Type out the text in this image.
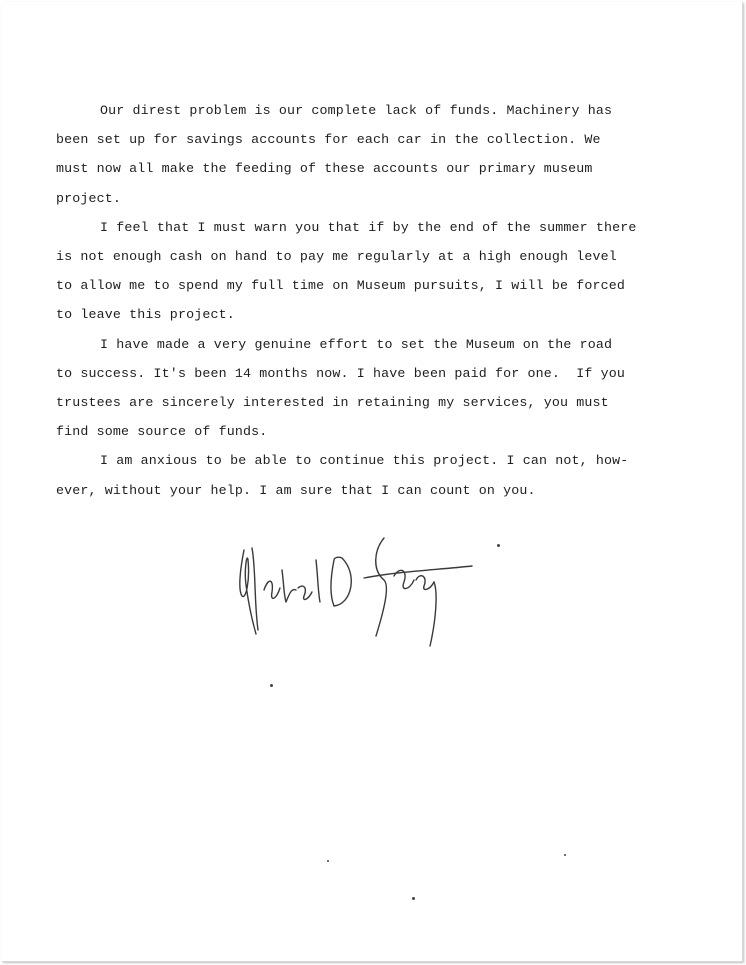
Our direst problem is our complete lack of funds. Machinery has
been set up for savings accounts for each car in the collection. We
must now all make the feeding of these accounts our primary museum
project.

I feel that I must warn you that if by the end of the summer there
is not enough cash on hand to pay me regularly at a high enough level
to allow me to spend my full time on Museum pursuits, I will be forced
to leave this project.

I have made a very genuine effort to set the Museum on the road
to success. It's been 14 months now. I have been paid for one.  If you
trustees are sincerely interested in retaining my services, you must
find some source of funds.

I am anxious to be able to continue this project. I can not, how-
ever, without your help. I am sure that I can count on you.
